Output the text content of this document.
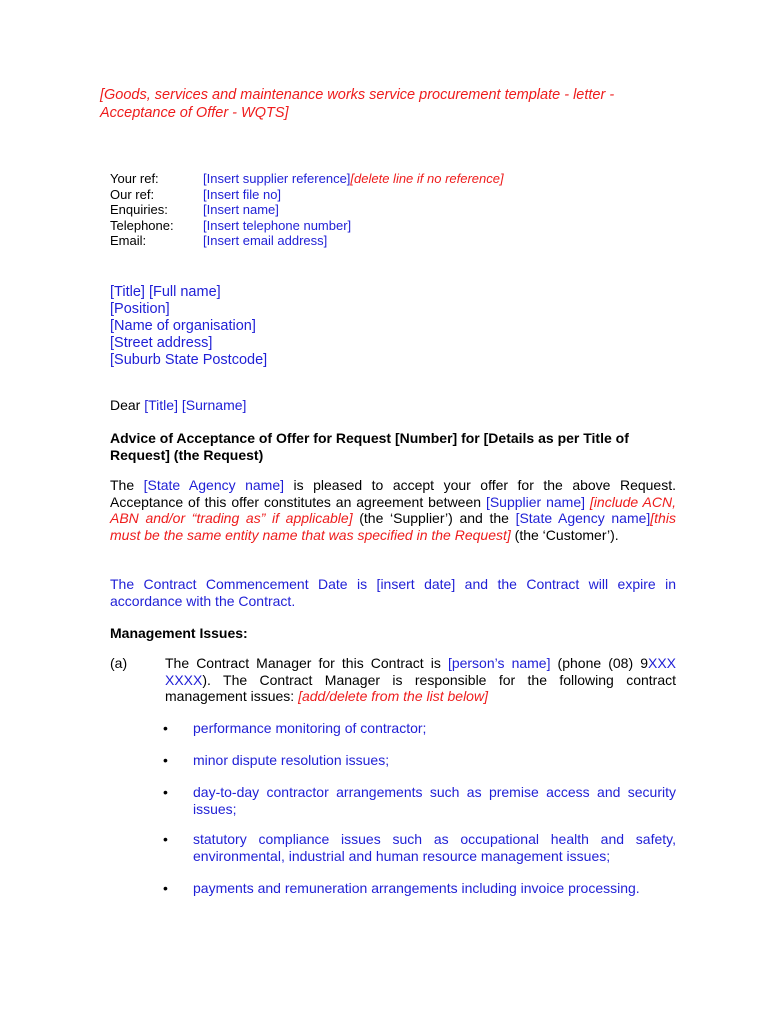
[Goods, services and maintenance works service procurement template - letter - Acceptance of Offer - WQTS]
Your ref:	[Insert supplier reference] [delete line if no reference]
Our ref:	[Insert file no]
Enquiries:	[Insert name]
Telephone:	[Insert telephone number]
Email:	[Insert email address]
[Title] [Full name]
[Position]
[Name of organisation]
[Street address]
[Suburb State Postcode]
Dear [Title] [Surname]
Advice of Acceptance of Offer for Request [Number] for [Details as per Title of Request] (the Request)
The [State Agency name] is pleased to accept your offer for the above Request. Acceptance of this offer constitutes an agreement between [Supplier name] [include ACN, ABN and/or “trading as” if applicable] (the ‘Supplier’) and the [State Agency name][this must be the same entity name that was specified in the Request] (the ‘Customer’).
The Contract Commencement Date is [insert date] and the Contract will expire in accordance with the Contract.
Management Issues:
(a)	The Contract Manager for this Contract is [person’s name] (phone (08) 9XXX XXXX). The Contract Manager is responsible for the following contract management issues: [add/delete from the list below]
•	performance monitoring of contractor;
•	minor dispute resolution issues;
•	day-to-day contractor arrangements such as premise access and security issues;
•	statutory compliance issues such as occupational health and safety, environmental, industrial and human resource management issues;
•	payments and remuneration arrangements including invoice processing.
